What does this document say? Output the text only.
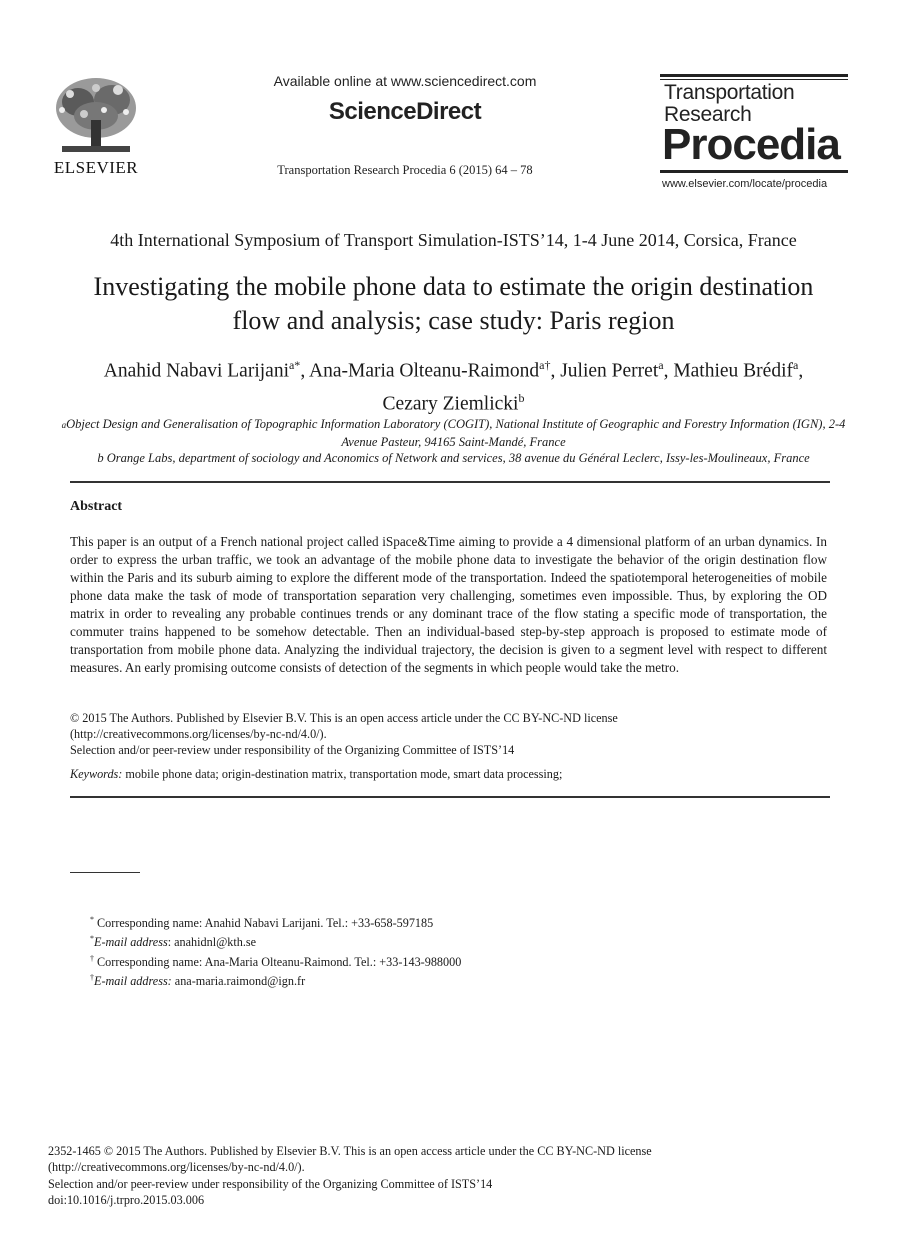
ELSEVIER
Available online at www.sciencedirect.com
ScienceDirect
Transportation Research Procedia 6 (2015) 64 – 78
Transportation
Research
Procedia
www.elsevier.com/locate/procedia
4th International Symposium of Transport Simulation-ISTS’14, 1-4 June 2014, Corsica, France
Investigating the mobile phone data to estimate the origin destination flow and analysis; case study: Paris region
Anahid Nabavi Larijani$^{a*}$, Ana-Maria Olteanu-Raimond$^{a\dagger}$, Julien Perret$^a$, Mathieu Brédif$^a$, Cezary Ziemlicki$^b$
aObject Design and Generalisation of Topographic Information Laboratory (COGIT), National Institute of Geographic and Forestry Information (IGN), 2-4 Avenue Pasteur, 94165 Saint-Mandé, France
b Orange Labs, department of sociology and Aconomics of Network and services, 38 avenue du Général Leclerc, Issy-les-Moulineaux, France
Abstract
This paper is an output of a French national project called iSpace&Time aiming to provide a 4 dimensional platform of an urban dynamics. In order to express the urban traffic, we took an advantage of the mobile phone data to investigate the behavior of the origin destination flow within the Paris and its suburb aiming to explore the different mode of the transportation. Indeed the spatiotemporal heterogeneities of mobile phone data make the task of mode of transportation separation very challenging, sometimes even impossible. Thus, by exploring the OD matrix in order to revealing any probable continues trends or any dominant trace of the flow stating a specific mode of transportation, the commuter trains happened to be somehow detectable. Then an individual-based step-by-step approach is proposed to estimate mode of transportation from mobile phone data. Analyzing the individual trajectory, the decision is given to a segment level with respect to different measures. An early promising outcome consists of detection of the segments in which people would take the metro.
© 2015 The Authors. Published by Elsevier B.V. This is an open access article under the CC BY-NC-ND license
(http://creativecommons.org/licenses/by-nc-nd/4.0/).
Selection and/or peer-review under responsibility of the Organizing Committee of ISTS’14
Keywords: mobile phone data; origin-destination matrix, transportation mode, smart data processing;
* Corresponding name: Anahid Nabavi Larijani. Tel.: +33-658-597185
*E-mail address: anahidnl@kth.se
† Corresponding name: Ana-Maria Olteanu-Raimond. Tel.: +33-143-988000
†E-mail address: ana-maria.raimond@ign.fr
2352-1465 © 2015 The Authors. Published by Elsevier B.V. This is an open access article under the CC BY-NC-ND license
(http://creativecommons.org/licenses/by-nc-nd/4.0/).
Selection and/or peer-review under responsibility of the Organizing Committee of ISTS’14
doi:10.1016/j.trpro.2015.03.006
